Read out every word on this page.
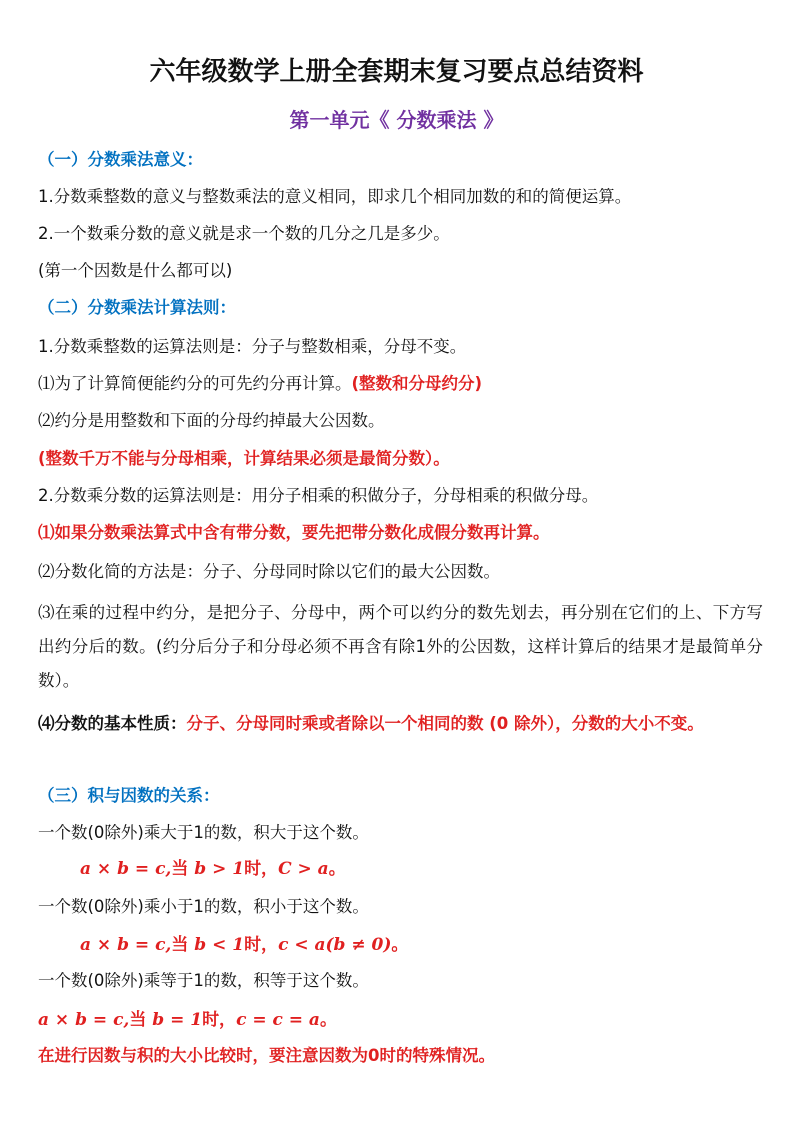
六年级数学上册全套期末复习要点总结资料
第一单元《 分数乘法 》
（一）分数乘法意义：
1.分数乘整数的意义与整数乘法的意义相同，即求几个相同加数的和的简便运算。
2.一个数乘分数的意义就是求一个数的几分之几是多少。
(第一个因数是什么都可以)
（二）分数乘法计算法则：
1.分数乘整数的运算法则是：分子与整数相乘，分母不变。
⑴为了计算简便能约分的可先约分再计算。(整数和分母约分)
⑵约分是用整数和下面的分母约掉最大公因数。
(整数千万不能与分母相乘，计算结果必须是最简分数）。
2.分数乘分数的运算法则是：用分子相乘的积做分子，分母相乘的积做分母。
⑴如果分数乘法算式中含有带分数，要先把带分数化成假分数再计算。
⑵分数化简的方法是：分子、分母同时除以它们的最大公因数。
⑶在乘的过程中约分，是把分子、分母中，两个可以约分的数先划去，再分别在它们的上、下方写出约分后的数。(约分后分子和分母必须不再含有除1外的公因数，这样计算后的结果才是最简单分数）。
⑷分数的基本性质：分子、分母同时乘或者除以一个相同的数 (0 除外），分数的大小不变。
（三）积与因数的关系：
一个数(0除外)乘大于1的数，积大于这个数。
a × b = c,当 b > 1时，C > a。
一个数(0除外)乘小于1的数，积小于这个数。
a × b = c,当 b < 1时，c < a(b ≠ 0)。
一个数(0除外)乘等于1的数，积等于这个数。
a × b = c,当 b = 1时，c = c = a。
在进行因数与积的大小比较时，要注意因数为0时的特殊情况。
